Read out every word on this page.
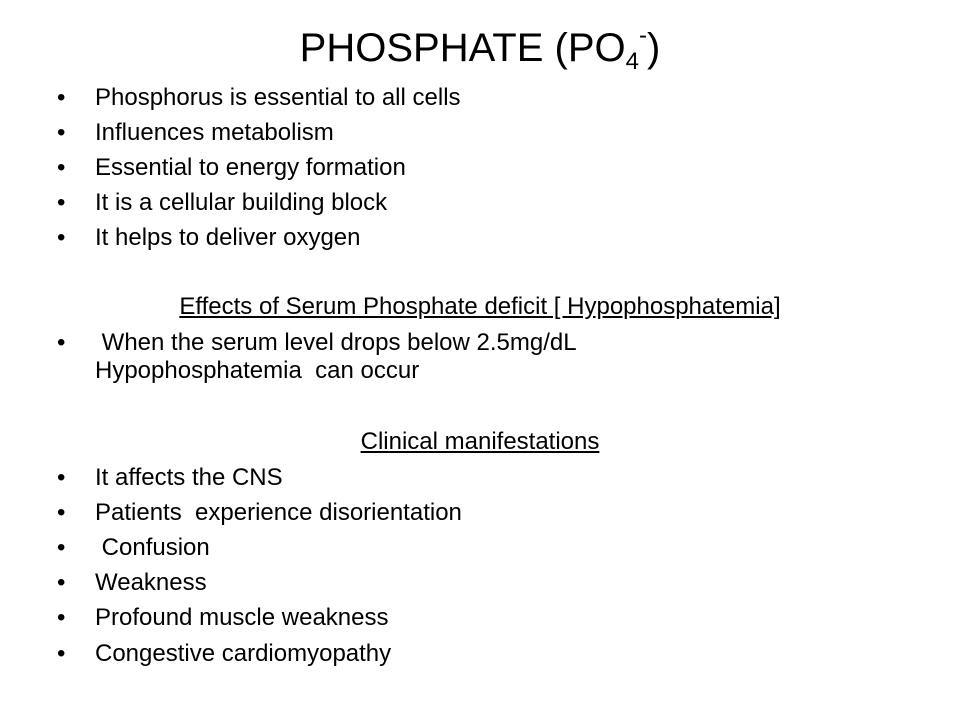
PHOSPHATE $(PO_4^-)$
•	Phosphorus is essential to all cells
•	Influences metabolism
•	Essential to energy formation
•	It is a cellular building block
•	It helps to deliver oxygen
Effects of Serum Phosphate deficit [ Hypophosphatemia]
• When the serum level drops below 2.5mg/dL
Hypophosphatemia  can occur
Clinical manifestations
•	It affects the CNS
•	Patients  experience disorientation
•	Confusion
•	Weakness
•	Profound muscle weakness
•	Congestive cardiomyopathy
